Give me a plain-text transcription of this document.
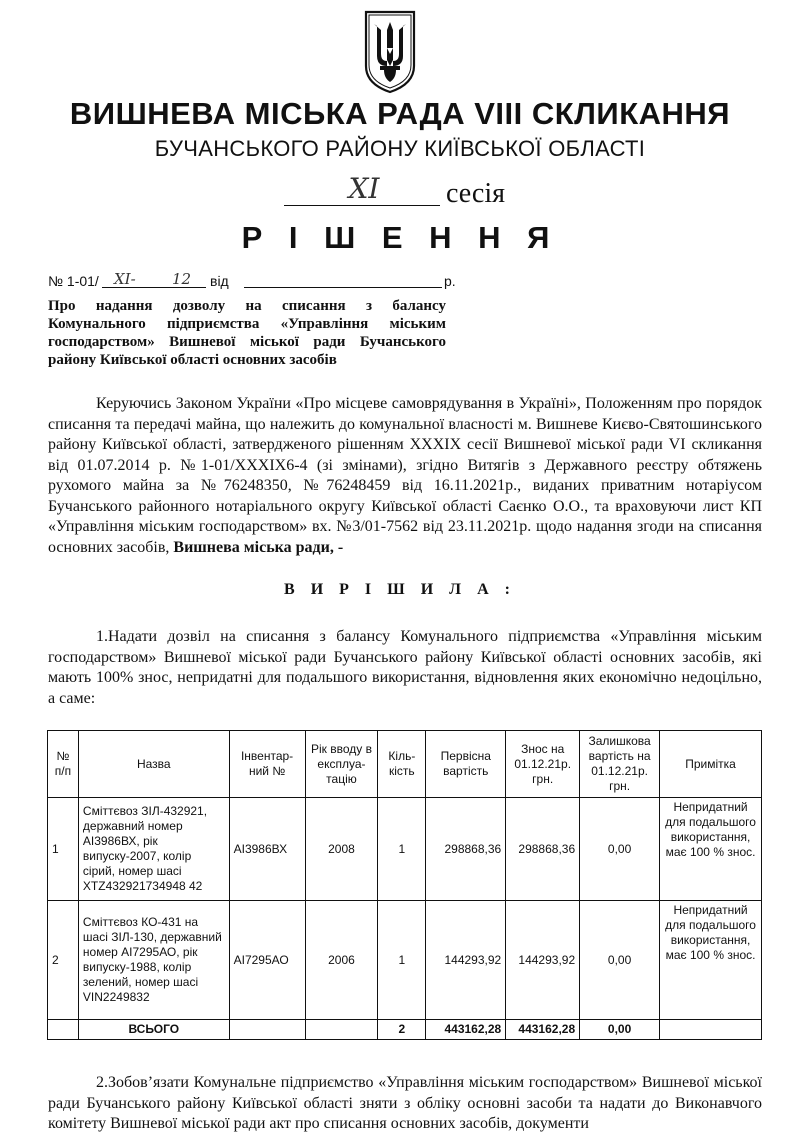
ВИШНЕВА МІСЬКА РАДА VIII СКЛИКАННЯ
БУЧАНСЬКОГО РАЙОНУ КИЇВСЬКОЇ ОБЛАСТІ
XI	сесія
Р І Ш Е Н Н Я
№ 1-01/ XI- 12 від	р.
Про надання дозволу на списання з балансу Комунального підприємства «Управління міським господарством» Вишневої міської ради Бучанського району Київської області основних засобів
Керуючись Законом України «Про місцеве самоврядування в Україні», Положенням про порядок списання та передачі майна, що належить до комунальної власності м. Вишневе Києво-Святошинського району Київської області, затвердженого рішенням XXXIX сесії Вишневої міської ради VI скликання від 01.07.2014 р. №1-01/XXXIX6-4 (зі змінами), згідно Витягів з Державного реєстру обтяжень рухомого майна за №76248350, №76248459 від 16.11.2021р., виданих приватним нотаріусом Бучанського районного нотаріального округу Київської області Саєнко О.О., та враховуючи лист КП «Управління міським господарством» вх. №3/01-7562 від 23.11.2021р. щодо надання згоди на списання основних засобів, Вишнева міська ради, -
В И Р І Ш И Л А :
1.Надати дозвіл на списання з балансу Комунального підприємства «Управління міським господарством» Вишневої міської ради Бучанського району Київської області основних засобів, які мають 100% знос, непридатні для подальшого використання, відновлення яких економічно недоцільно, а саме:
№ п/п	Назва	Інвентар-ний №	Рік вводу в експлуа-тацію	Кіль-кість	Первісна вартість	Знос на 01.12.21р. грн.	Залишкова вартість на 01.12.21р. грн.	Примітка
1	Сміттєвоз ЗІЛ-432921, державний номер АІ3986ВХ, рік випуску-2007, колір сірий, номер шасі XTZ432921734948 42	АІ3986ВХ	2008	1	298868,36	298868,36	0,00	Непридатний для подальшого використання, має 100 % знос.
2	Сміттєвоз КО-431 на шасі ЗІЛ-130, державний номер АІ7295АО, рік випуску-1988, колір зелений, номер шасі VIN2249832	АІ7295АО	2006	1	144293,92	144293,92	0,00	Непридатний для подальшого використання, має 100 % знос.
	ВСЬОГО			2	443162,28	443162,28	0,00	
2.Зобов’язати Комунальне підприємство «Управління міським господарством» Вишневої міської ради Бучанського району Київської області зняти з обліку основні засоби та надати до Виконавчого комітету Вишневої міської ради акт про списання основних засобів, документи
